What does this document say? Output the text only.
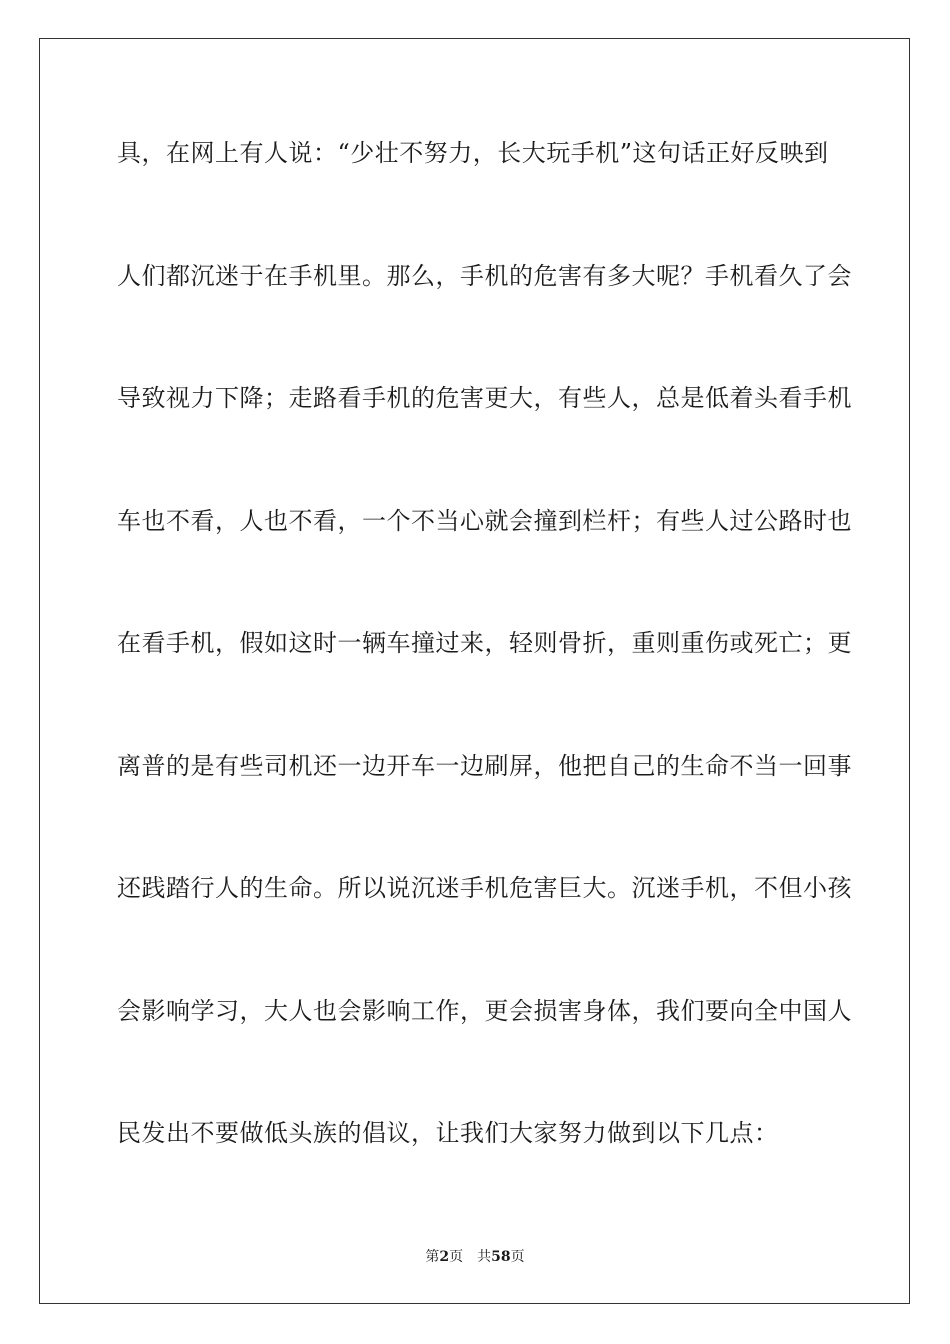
具，在网上有人说：“少壮不努力，长大玩手机”这句话正好反映到
人们都沉迷于在手机里。那么，手机的危害有多大呢？手机看久了会
导致视力下降；走路看手机的危害更大，有些人，总是低着头看手机
车也不看，人也不看，一个不当心就会撞到栏杆；有些人过公路时也
在看手机，假如这时一辆车撞过来，轻则骨折，重则重伤或死亡；更
离普的是有些司机还一边开车一边刷屏，他把自己的生命不当一回事
还践踏行人的生命。所以说沉迷手机危害巨大。沉迷手机，不但小孩
会影响学习，大人也会影响工作，更会损害身体，我们要向全中国人
民发出不要做低头族的倡议，让我们大家努力做到以下几点：
第2页 共58页
